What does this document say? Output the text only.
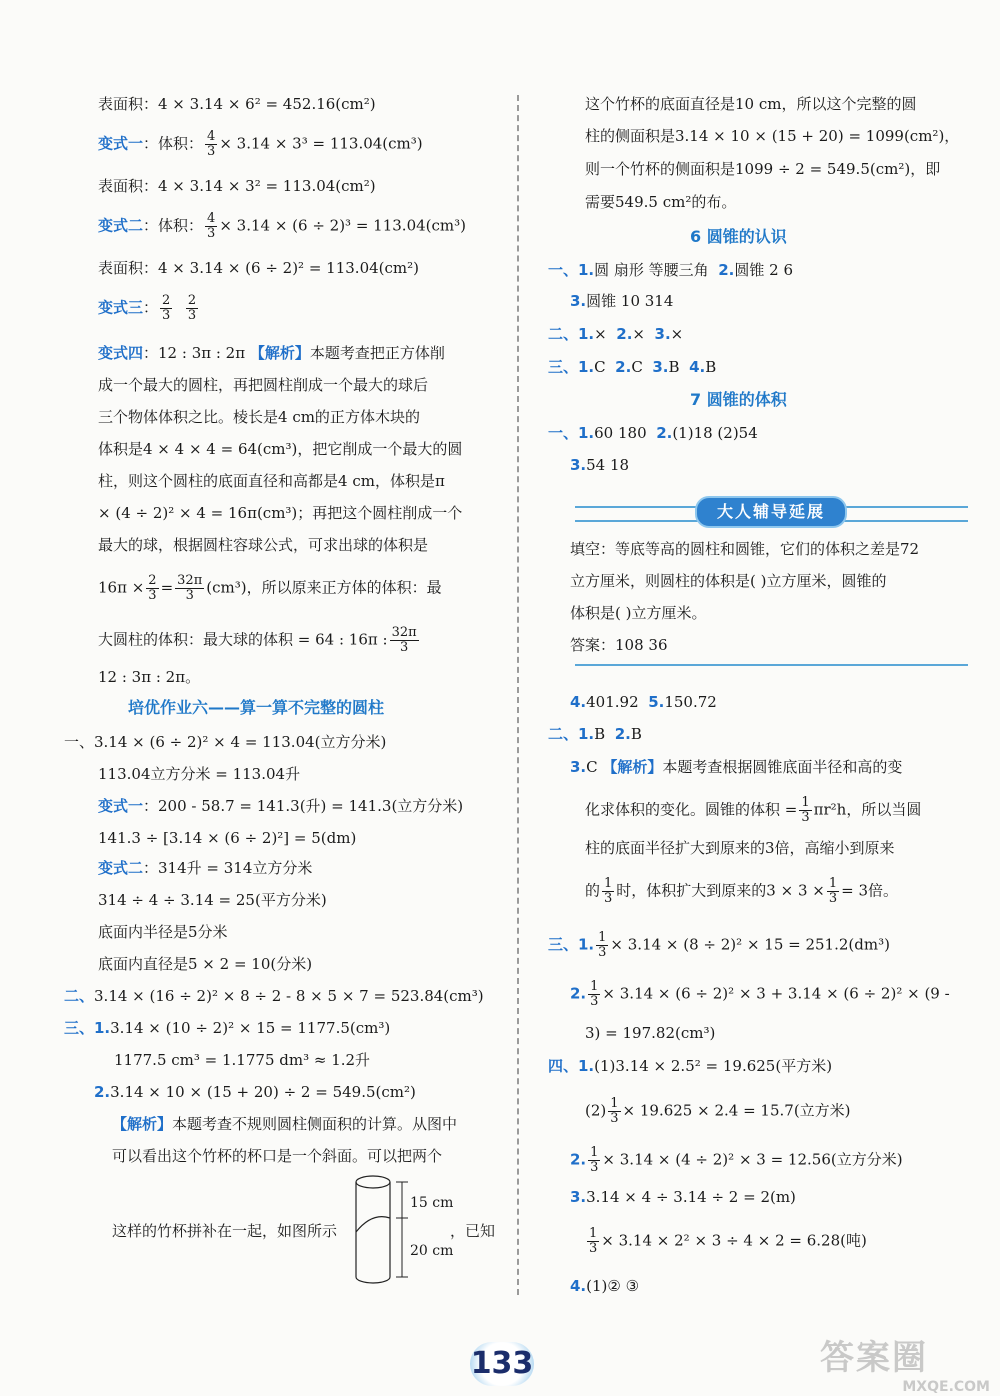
表面积：4 × 3.14 × 6² = 452.16(cm²)
变式一：体积： $\frac{4}{3} \times 3.14 \times 3^3 = 113.04(cm^3)$
表面积：4 × 3.14 × 3² = 113.04(cm²)
变式二：体积： $\frac{4}{3} \times 3.14 \times (6 \div 2)^3 = 113.04(cm^3)$
表面积：4 × 3.14 × (6 ÷ 2)² = 113.04(cm²)
变式三： $\frac{2}{3}$
$\frac{2}{3}$
变式四：12 : 3π : 2π 【解析】本题考查把正方体削
成一个最大的圆柱，再把圆柱削成一个最大的球后
三个物体体积之比。棱长是4 cm的正方体木块的
体积是4 × 4 × 4 = 64(cm³)，把它削成一个最大的圆
柱，则这个圆柱的底面直径和高都是4 cm，体积是π
× (4 ÷ 2)² × 4 = 16π(cm³)；再把这个圆柱削成一个
最大的球，根据圆柱容球公式，可求出球的体积是
$16\pi \times \frac{2}{3} = \frac{32\pi}{3} (cm^3)$，所以原来正方体的体积：最
大圆柱的体积：最大球的体积 = 64 : 16π : $\frac{32\pi}{3}$
12 : 3π : 2π。
培优作业六——算一算不完整的圆柱
一、3.14 × (6 ÷ 2)² × 4 = 113.04(立方分米)
113.04立方分米 = 113.04升
变式一：200 - 58.7 = 141.3(升) = 141.3(立方分米)
141.3 ÷ [3.14 × (6 ÷ 2)²] = 5(dm)
变式二：314升 = 314立方分米
314 ÷ 4 ÷ 3.14 = 25(平方分米)
底面内半径是5分米
底面内直径是5 × 2 = 10(分米)
二、3.14 × (16 ÷ 2)² × 8 ÷ 2 - 8 × 5 × 7 = 523.84(cm³)
三、1.3.14 × (10 ÷ 2)² × 15 = 1177.5(cm³)
1177.5 cm³ = 1.1775 dm³ ≈ 1.2升
2.3.14 × 10 × (15 + 20) ÷ 2 = 549.5(cm²)
【解析】本题考查不规则圆柱侧面积的计算。从图中
可以看出这个竹杯的杯口是一个斜面。可以把两个
这样的竹杯拼补在一起，如图所示	，已知
15 cm
20 cm
这个竹杯的底面直径是10 cm，所以这个完整的圆
柱的侧面积是3.14 × 10 × (15 + 20) = 1099(cm²)，
则一个竹杯的侧面积是1099 ÷ 2 = 549.5(cm²)，即
需要549.5 cm²的布。
6 圆锥的认识
一、1.圆 扇形 等腰三角 2.圆锥 2 6
3.圆锥 10 314
二、1.× 2.× 3.×
三、1.C 2.C 3.B 4.B
7 圆锥的体积
一、1.60 180 2.(1)18 (2)54
3.54 18
大人辅导延展
填空：等底等高的圆柱和圆锥，它们的体积之差是72
立方厘米，则圆柱的体积是( )立方厘米，圆锥的
体积是( )立方厘米。
答案：108 36
4.401.92 5.150.72
二、1.B 2.B
3.C 【解析】本题考查根据圆锥底面半径和高的变
化求体积的变化。圆锥的体积 = $\frac{1}{3} \pi r^2h$，所以当圆
柱的底面半径扩大到原来的3倍，高缩小到原来
的 $\frac{1}{3}$ 时，体积扩大到原来的$3 \times 3 \times \frac{1}{3} = 3$倍。
三、1. $\frac{1}{3} \times 3.14 \times (8 \div 2)^2 \times 15 = 251.2(dm^3)$
2. $\frac{1}{3} \times 3.14 \times (6 \div 2)^2 \times 3 + 3.14 \times (6 \div 2)^2 \times (9$ -
3) = 197.82(cm³)
四、1.(1)3.14 × 2.5² = 19.625(平方米)
$(2) \frac{1}{3} \times 19.625 \times 2.4 = 15.7$(立方米)
2. $\frac{1}{3} \times 3.14 \times (4 \div 2)^2 \times 3 = 12.56$(立方分米)
3.3.14 × 4 ÷ 3.14 ÷ 2 = 2(m)
$\frac{1}{3} \times 3.14 \times 2^2 \times 3 \div 4 \times 2 = 6.28$(吨)
4.(1)② ③
133	答案圈
MXQE.COM
